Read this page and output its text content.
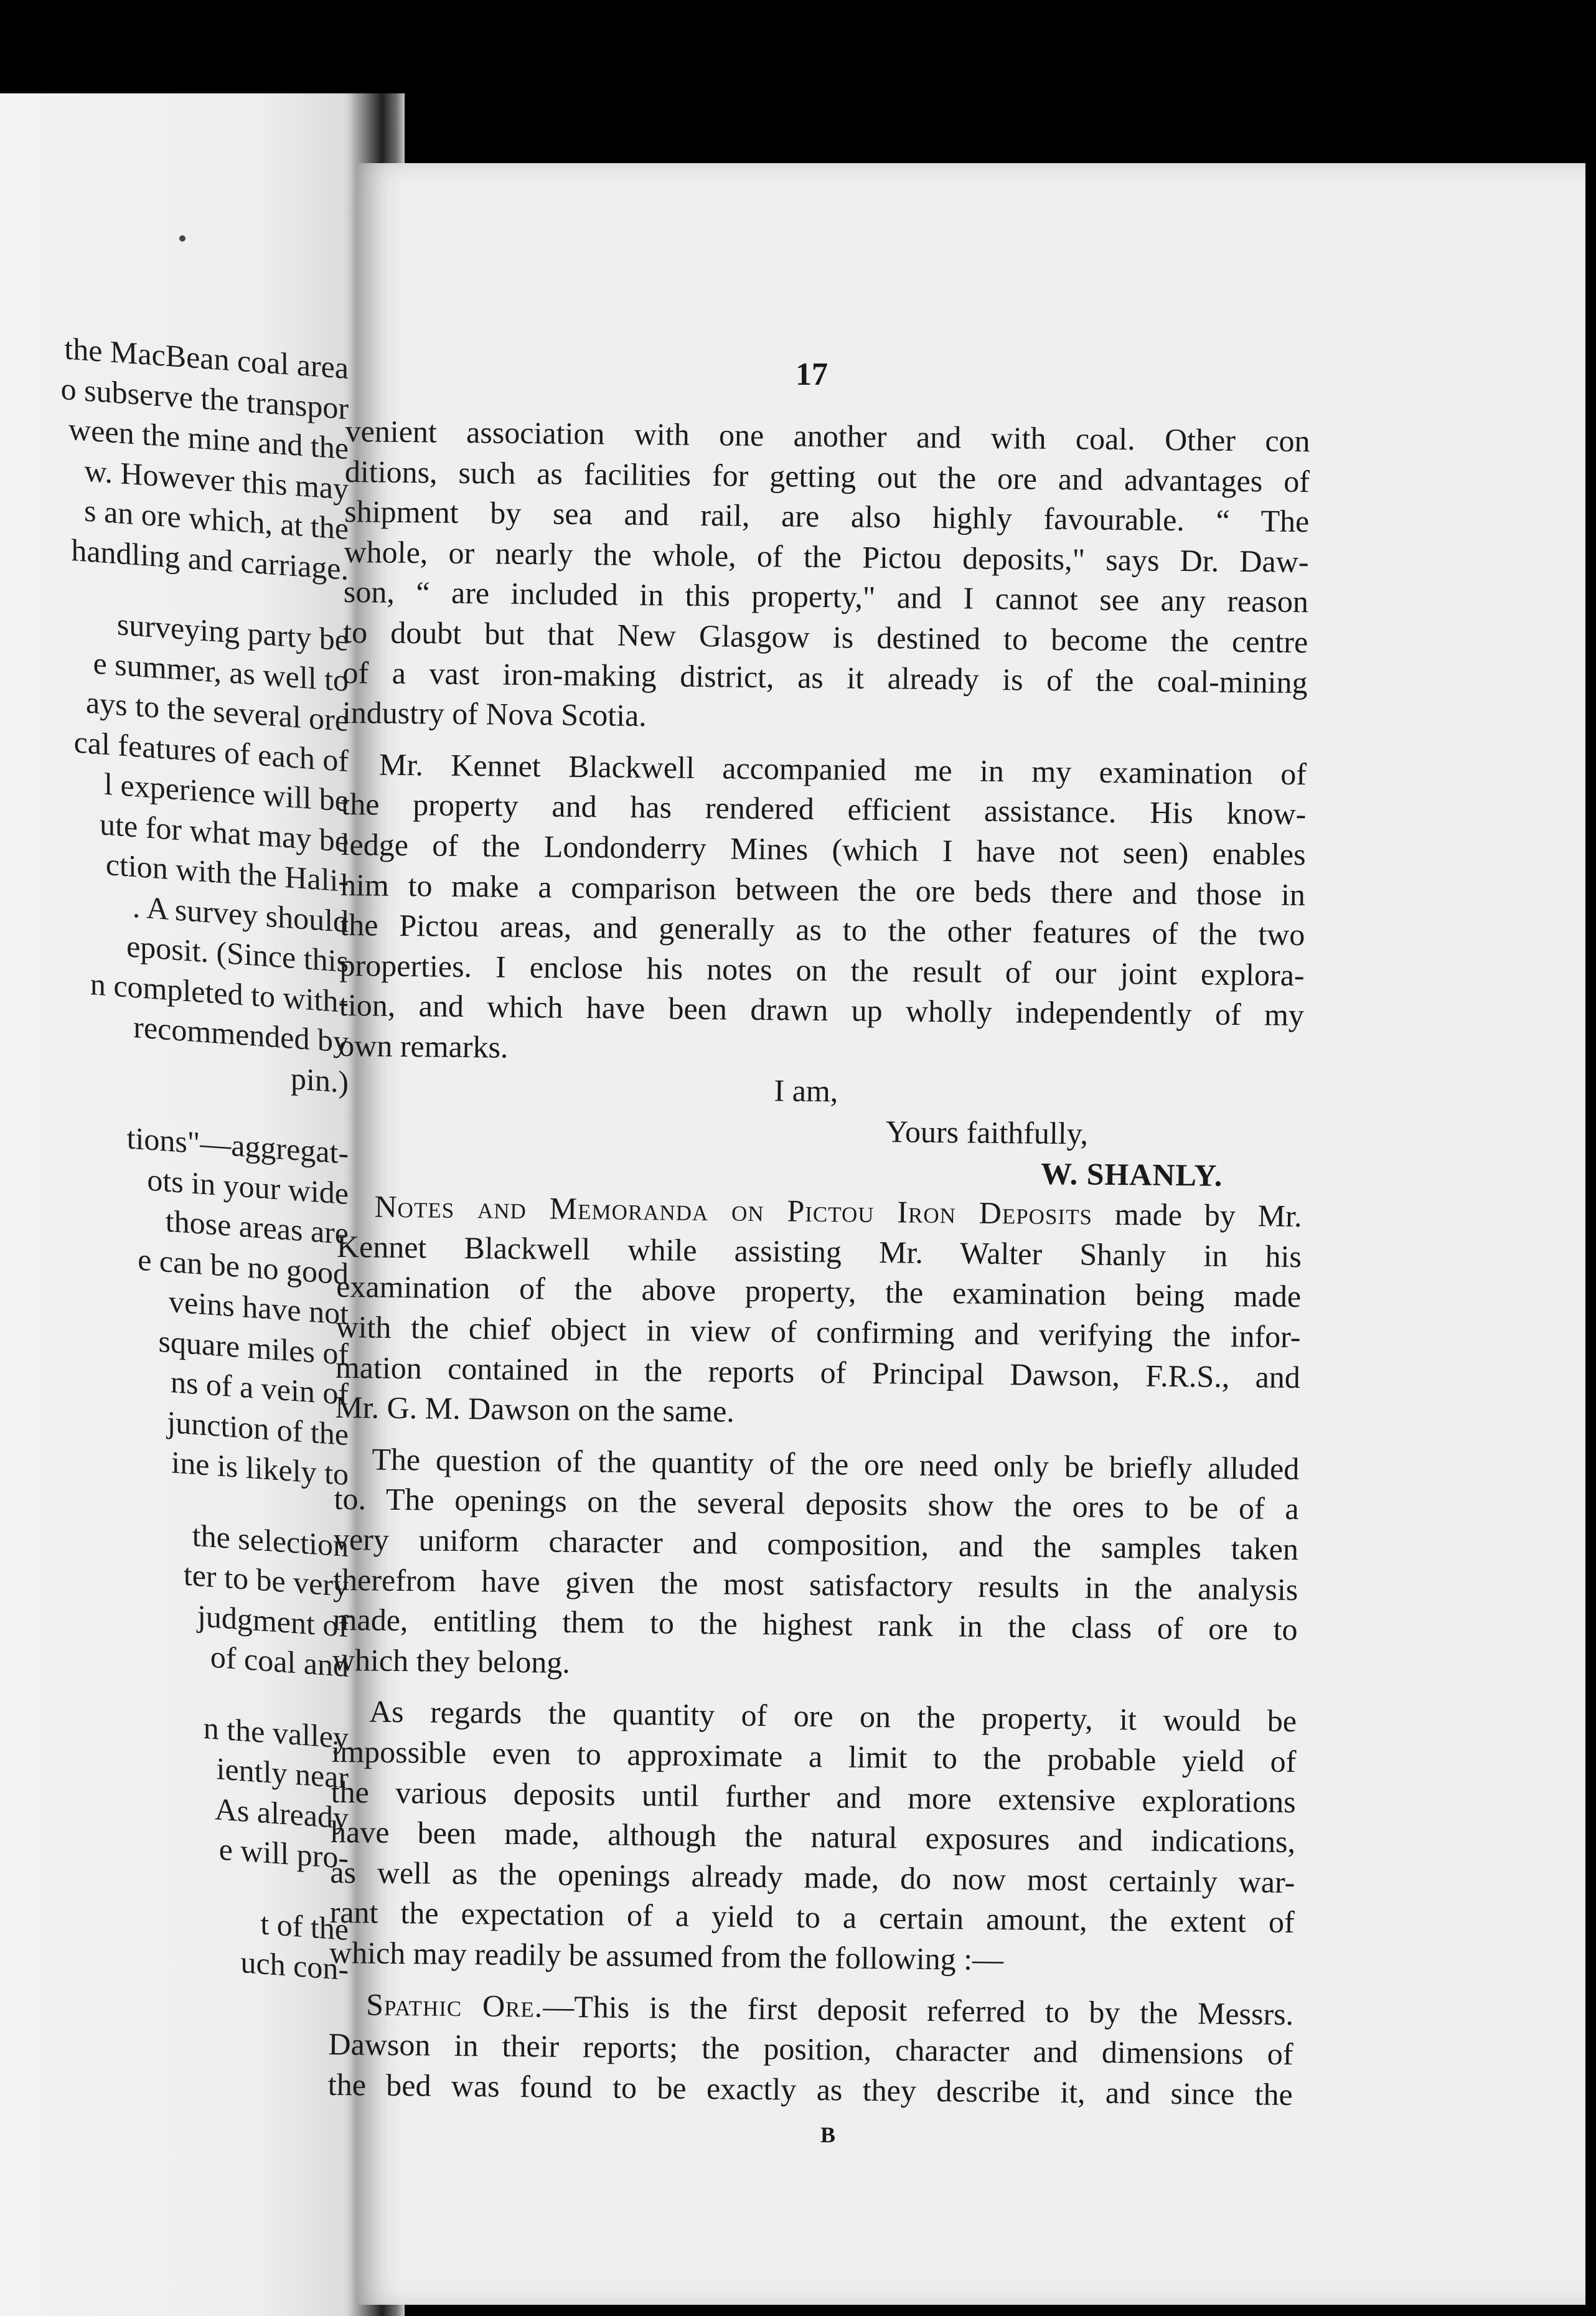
the MacBean coal area
o subserve the transpor
ween the mine and the
w. However this may
s an ore which, at the
handling and carriage.
surveying party be
e summer, as well to
ays to the several ore
cal features of each of
l experience will be
ute for what may be
ction with the Hali-
. A survey should
eposit. (Since this
n completed to with-
recommended by
pin.)
tions"—aggregat-
ots in your wide
those areas are
e can be no good
veins have not
square miles of
ns of a vein of
junction of the
ine is likely to
the selection
ter to be very
judgment of
of coal and
n the valley
iently near
As already
e will pro-
t of the
uch con-
17
venient association with one another and with coal. Other con
ditions, such as facilities for getting out the ore and advantages of
shipment by sea and rail, are also highly favourable. “ The
whole, or nearly the whole, of the Pictou deposits," says Dr. Daw-
son, “ are included in this property," and I cannot see any reason
to doubt but that New Glasgow is destined to become the centre
of a vast iron-making district, as it already is of the coal-mining
industry of Nova Scotia.
Mr. Kennet Blackwell accompanied me in my examination of
the property and has rendered efficient assistance. His know-
ledge of the Londonderry Mines (which I have not seen) enables
him to make a comparison between the ore beds there and those in
the Pictou areas, and generally as to the other features of the two
properties. I enclose his notes on the result of our joint explora-
tion, and which have been drawn up wholly independently of my
own remarks.
I am,
Yours faithfully,
W. SHANLY.
Notes and Memoranda on Pictou Iron Deposits made by Mr.
Kennet Blackwell while assisting Mr. Walter Shanly in his
examination of the above property, the examination being made
with the chief object in view of confirming and verifying the infor-
mation contained in the reports of Principal Dawson, F.R.S., and
Mr. G. M. Dawson on the same.
The question of the quantity of the ore need only be briefly alluded
to. The openings on the several deposits show the ores to be of a
very uniform character and composition, and the samples taken
therefrom have given the most satisfactory results in the analysis
made, entitling them to the highest rank in the class of ore to
which they belong.
As regards the quantity of ore on the property, it would be
impossible even to approximate a limit to the probable yield of
the various deposits until further and more extensive explorations
have been made, although the natural exposures and indications,
as well as the openings already made, do now most certainly war-
rant the expectation of a yield to a certain amount, the extent of
which may readily be assumed from the following :—
Spathic Ore.—This is the first deposit referred to by the Messrs.
Dawson in their reports; the position, character and dimensions of
the bed was found to be exactly as they describe it, and since the
B
